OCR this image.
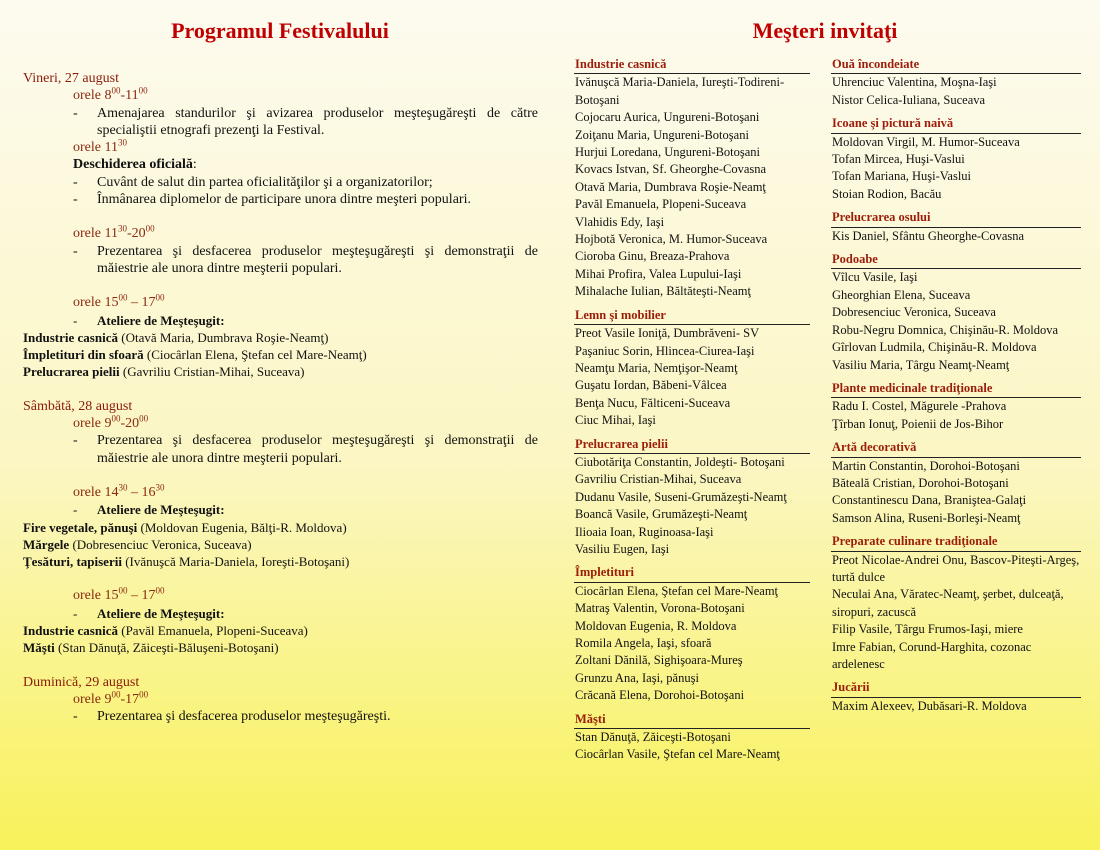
Programul Festivalului	Meşteri invitaţi
Vineri, 27 august
orele $8^{00}-11^{00}$
- Amenajarea standurilor şi avizarea produselor meşteşugăreşti de către specialiştii etnografi prezenţi la Festival.
orele $11^{30}$
Deschiderea oficială:
- Cuvânt de salut din partea oficialităţilor şi a organizatorilor;
- Înmânarea diplomelor de participare unora dintre meşteri populari.
orele $11^{30}-20^{00}$
- Prezentarea şi desfacerea produselor meşteşugăreşti şi demonstraţii de măiestrie ale unora dintre meşterii populari.
orele $15^{00} - 17^{00}$
- Ateliere de Meşteşugit:
Industrie casnică (Otavă Maria, Dumbrava Roşie-Neamţ)
Împletituri din sfoară (Ciocârlan Elena, Ştefan cel Mare-Neamţ)
Prelucrarea pielii (Gavriliu Cristian-Mihai, Suceava)
Sâmbătă, 28 august
orele $9^{00}-20^{00}$
- Prezentarea şi desfacerea produselor meşteşugăreşti şi demonstraţii de măiestrie ale unora dintre meşterii populari.
orele $14^{30} - 16^{30}$
- Ateliere de Meşteşugit:
Fire vegetale, pănuşi (Moldovan Eugenia, Bălţi-R. Moldova)
Mărgele (Dobresenciuc Veronica, Suceava)
Ţesături, tapiserii (Ivănuşcă Maria-Daniela, Ioreşti-Botoşani)
orele $15^{00} - 17^{00}$
- Ateliere de Meşteşugit:
Industrie casnică (Pavăl Emanuela, Plopeni-Suceava)
Măşti (Stan Dănuţă, Zăiceşti-Băluşeni-Botoşani)
Duminică, 29 august
orele $9^{00}-17^{00}$
- Prezentarea şi desfacerea produselor meşteşugăreşti.
Industrie casnică
Ivănuşcă Maria-Daniela, Iureşti-Todireni-Botoşani
Cojocaru Aurica, Ungureni-Botoşani
Zoiţanu Maria, Ungureni-Botoşani
Hurjui Loredana, Ungureni-Botoşani
Kovacs Istvan, Sf. Gheorghe-Covasna
Otavă Maria, Dumbrava Roşie-Neamţ
Pavăl Emanuela, Plopeni-Suceava
Vlahidis Edy, Iaşi
Hojbotă Veronica, M. Humor-Suceava
Cioroba Ginu, Breaza-Prahova
Mihai Profira, Valea Lupului-Iaşi
Mihalache Iulian, Băltăteşti-Neamţ
Lemn şi mobilier
Preot Vasile Ioniţă, Dumbrăveni- SV
Paşaniuc Sorin, Hlincea-Ciurea-Iaşi
Neamţu Maria, Nemţişor-Neamţ
Guşatu Iordan, Băbeni-Vâlcea
Benţa Nucu, Fălticeni-Suceava
Ciuc Mihai, Iaşi
Prelucrarea pielii
Ciubotăriţa Constantin, Joldeşti- Botoşani
Gavriliu Cristian-Mihai, Suceava
Dudanu Vasile, Suseni-Grumăzeşti-Neamţ
Boancă Vasile, Grumăzeşti-Neamţ
Ilioaia Ioan, Ruginoasa-Iaşi
Vasiliu Eugen, Iaşi
Împletituri
Ciocârlan Elena, Ştefan cel Mare-Neamţ
Matraş Valentin, Vorona-Botoşani
Moldovan Eugenia, R. Moldova
Romila Angela, Iaşi, sfoară
Zoltani Dănilă, Sighişoara-Mureş
Grunzu Ana, Iaşi, pănuşi
Crăcană Elena, Dorohoi-Botoşani
Măşti
Stan Dănuţă, Zăiceşti-Botoşani
Ciocârlan Vasile, Ştefan cel Mare-Neamţ
Ouă încondeiate
Uhrenciuc Valentina, Moşna-Iaşi
Nistor Celica-Iuliana, Suceava
Icoane şi pictură naivă
Moldovan Virgil, M. Humor-Suceava
Tofan Mircea, Huşi-Vaslui
Tofan Mariana, Huşi-Vaslui
Stoian Rodion, Bacău
Prelucrarea osului
Kis Daniel, Sfântu Gheorghe-Covasna
Podoabe
Vîlcu Vasile, Iaşi
Gheorghian Elena, Suceava
Dobresenciuc Veronica, Suceava
Robu-Negru Domnica, Chişinău-R. Moldova
Gîrlovan Ludmila, Chişinău-R. Moldova
Vasiliu Maria, Târgu Neamţ-Neamţ
Plante medicinale tradiţionale
Radu I. Costel, Măgurele -Prahova
Ţîrban Ionuţ, Poienii de Jos-Bihor
Artă decorativă
Martin Constantin, Dorohoi-Botoşani
Băteală Cristian, Dorohoi-Botoşani
Constantinescu Dana, Braniştea-Galaţi
Samson Alina, Ruseni-Borleşi-Neamţ
Preparate culinare tradiţionale
Preot Nicolae-Andrei Onu, Bascov-Piteşti-Argeş, turtă dulce
Neculai Ana, Văratec-Neamţ, şerbet, dulceaţă, siropuri, zacuscă
Filip Vasile, Târgu Frumos-Iaşi, miere
Imre Fabian, Corund-Harghita, cozonac ardelenesc
Jucării
Maxim Alexeev, Dubăsari-R. Moldova
